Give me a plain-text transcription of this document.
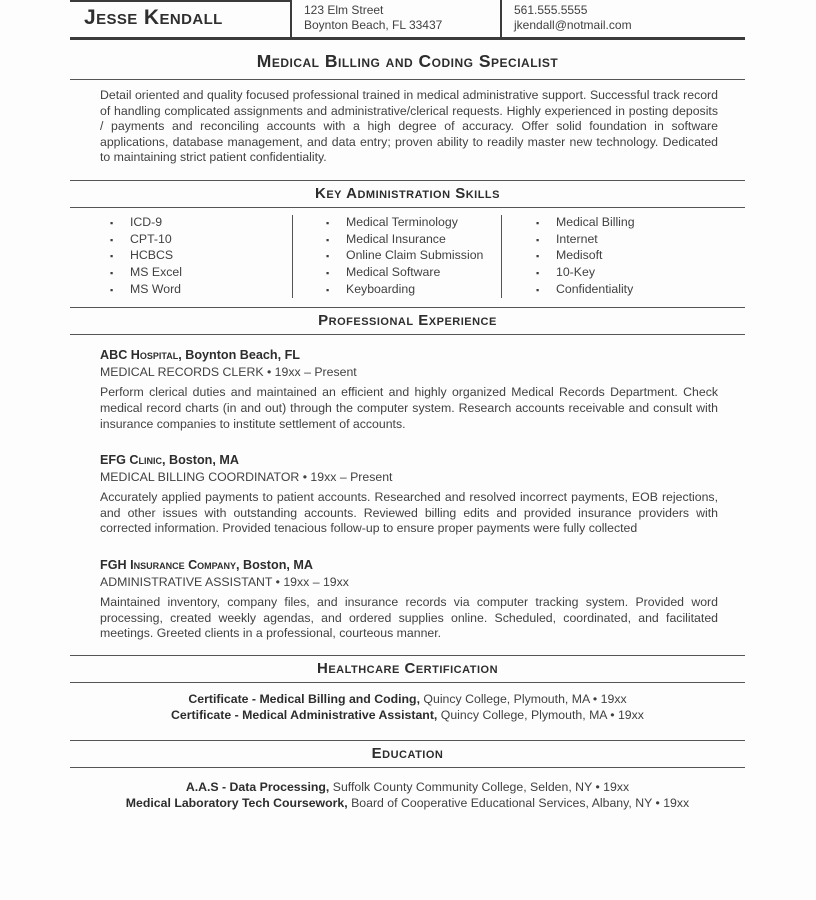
Jesse Kendall	123 Elm Street
Boynton Beach, FL 33437
561.555.5555
jkendall@notmail.com
Medical Billing and Coding Specialist

Detail oriented and quality focused professional trained in medical administrative support. Successful track record of handling complicated assignments and administrative/clerical requests. Highly experienced in posting deposits / payments and reconciling accounts with a high degree of accuracy. Offer solid foundation in software applications, database management, and data entry; proven ability to readily master new technology. Dedicated to maintaining strict patient confidentiality.

Key Administration Skills
▪	ICD-9
▪	CPT-10
▪	HCBCS
▪	MS Excel
▪	MS Word
▪	Medical Terminology
▪	Medical Insurance
▪	Online Claim Submission
▪	Medical Software
▪	Keyboarding
▪	Medical Billing
▪	Internet
▪	Medisoft
▪	10-Key
▪	Confidentiality
Professional Experience
ABC Hospital, Boynton Beach, FL
MEDICAL RECORDS CLERK • 19xx – Present

Perform clerical duties and maintained an efficient and highly organized Medical Records Department. Check medical record charts (in and out) through the computer system. Research accounts receivable and consult with insurance companies to institute settlement of accounts.

EFG Clinic, Boston, MA
MEDICAL BILLING COORDINATOR • 19xx – Present

Accurately applied payments to patient accounts. Researched and resolved incorrect payments, EOB rejections, and other issues with outstanding accounts. Reviewed billing edits and provided insurance providers with corrected information. Provided tenacious follow-up to ensure proper payments were fully collected

FGH Insurance Company, Boston, MA
ADMINISTRATIVE ASSISTANT • 19xx – 19xx

Maintained inventory, company files, and insurance records via computer tracking system. Provided word processing, created weekly agendas, and ordered supplies online. Scheduled, coordinated, and facilitated meetings. Greeted clients in a professional, courteous manner.

Healthcare Certification
Certificate - Medical Billing and Coding, Quincy College, Plymouth, MA • 19xx
Certificate - Medical Administrative Assistant, Quincy College, Plymouth, MA • 19xx
Education
A.A.S - Data Processing, Suffolk County Community College, Selden, NY • 19xx
Medical Laboratory Tech Coursework, Board of Cooperative Educational Services, Albany, NY • 19xx
